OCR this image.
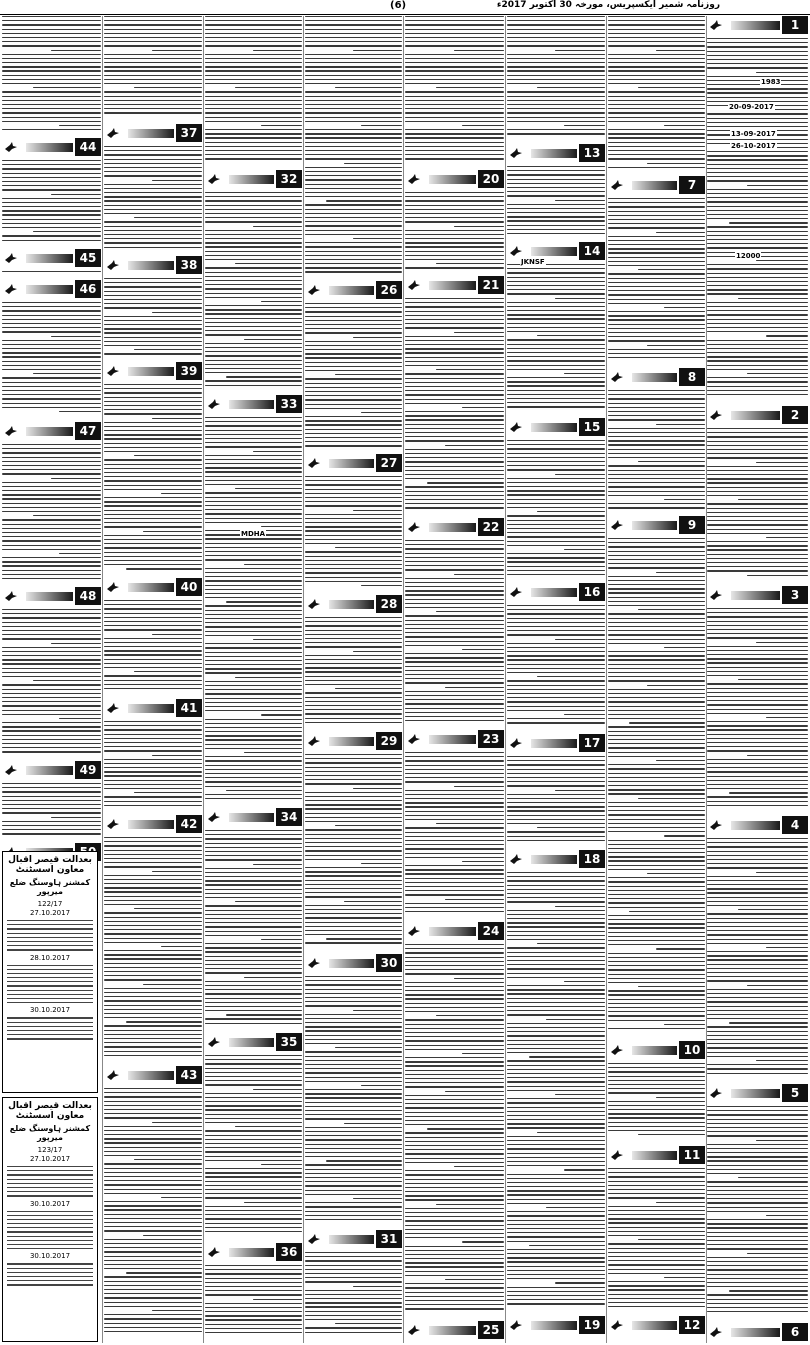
(6)	روزنامہ شمیر ایکسپریس، مورخہ 30 اکتوبر 2017ء
1
2
3
4
5
6
7
8
9
10
11
12
13
14
15
16
17
18
19
20
21
22
23
24
25
26
27
28
29
30
31
32
33
34
35
36
37
38
39
40
41
42
43
44
45
46
47
48
49
بعدالت قیصر اقبال معاون اسسٹنٹ
کمشنر ہاوسنگ ضلع میرپور
122/17
27.10.2017
28.10.2017
30.10.2017
بعدالت قیصر اقبال معاون اسسٹنٹ
کمشنر ہاوسنگ ضلع میرپور
123/17
27.10.2017
30.10.2017
30.10.2017
1983
20-09-2017
13-09-2017
26-10-2017
12000
JKNSF
MDHA
